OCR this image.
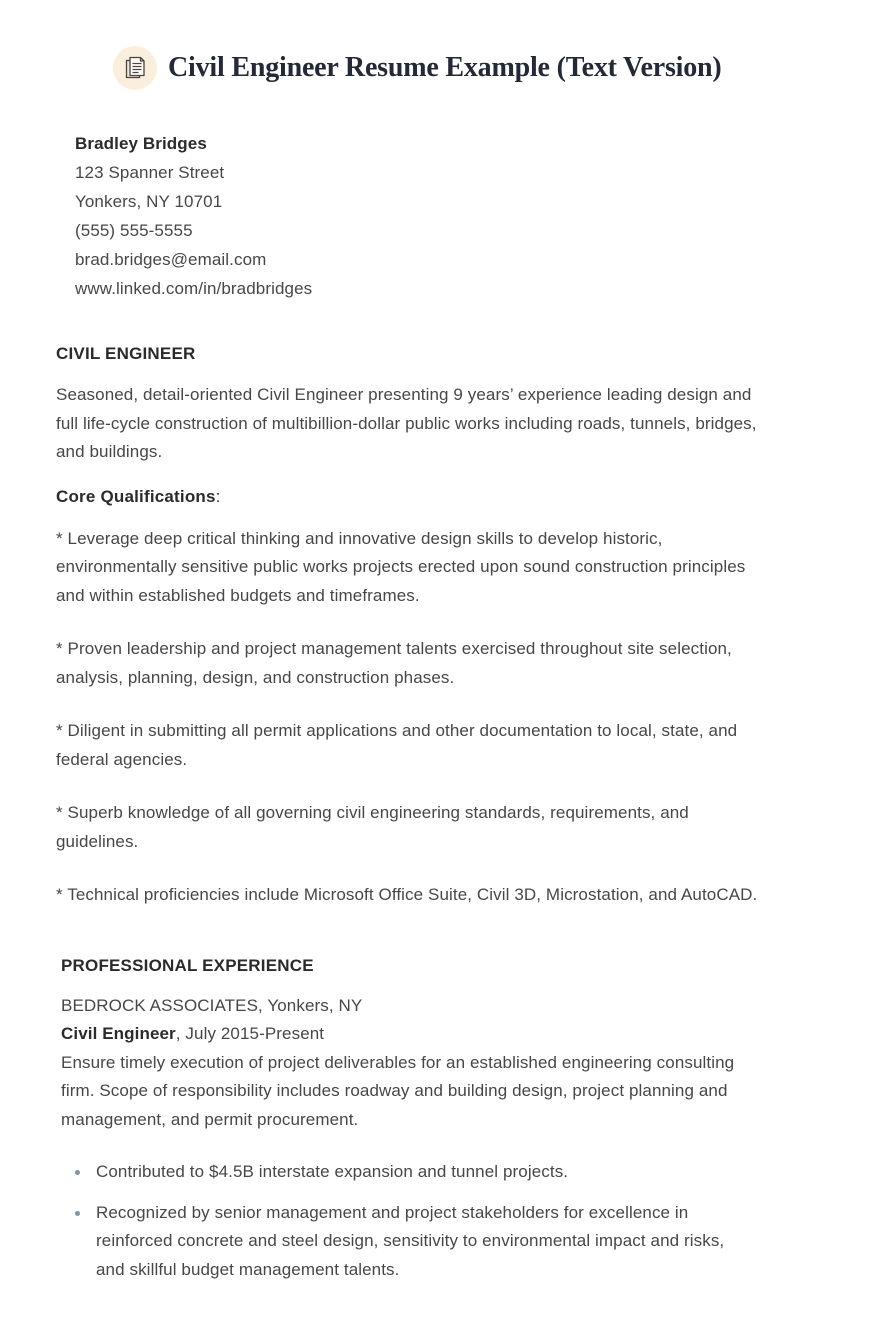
Civil Engineer Resume Example (Text Version)
Bradley Bridges
123 Spanner Street
Yonkers, NY 10701
(555) 555-5555
brad.bridges@email.com
www.linked.com/in/bradbridges
CIVIL ENGINEER

Seasoned, detail-oriented Civil Engineer presenting 9 years’ experience leading design and full life-cycle construction of multibillion-dollar public works including roads, tunnels, bridges, and buildings.

Core Qualifications:

* Leverage deep critical thinking and innovative design skills to develop historic, environmentally sensitive public works projects erected upon sound construction principles and within established budgets and timeframes.

* Proven leadership and project management talents exercised throughout site selection, analysis, planning, design, and construction phases.

* Diligent in submitting all permit applications and other documentation to local, state, and federal agencies.

* Superb knowledge of all governing civil engineering standards, requirements, and guidelines.

* Technical proficiencies include Microsoft Office Suite, Civil 3D, Microstation, and AutoCAD.

PROFESSIONAL EXPERIENCE
BEDROCK ASSOCIATES, Yonkers, NY
Civil Engineer, July 2015-Present

Ensure timely execution of project deliverables for an established engineering consulting firm. Scope of responsibility includes roadway and building design, project planning and management, and permit procurement.

Contributed to $4.5B interstate expansion and tunnel projects.
Recognized by senior management and project stakeholders for excellence in reinforced concrete and steel design, sensitivity to environmental impact and risks, and skillful budget management talents.
